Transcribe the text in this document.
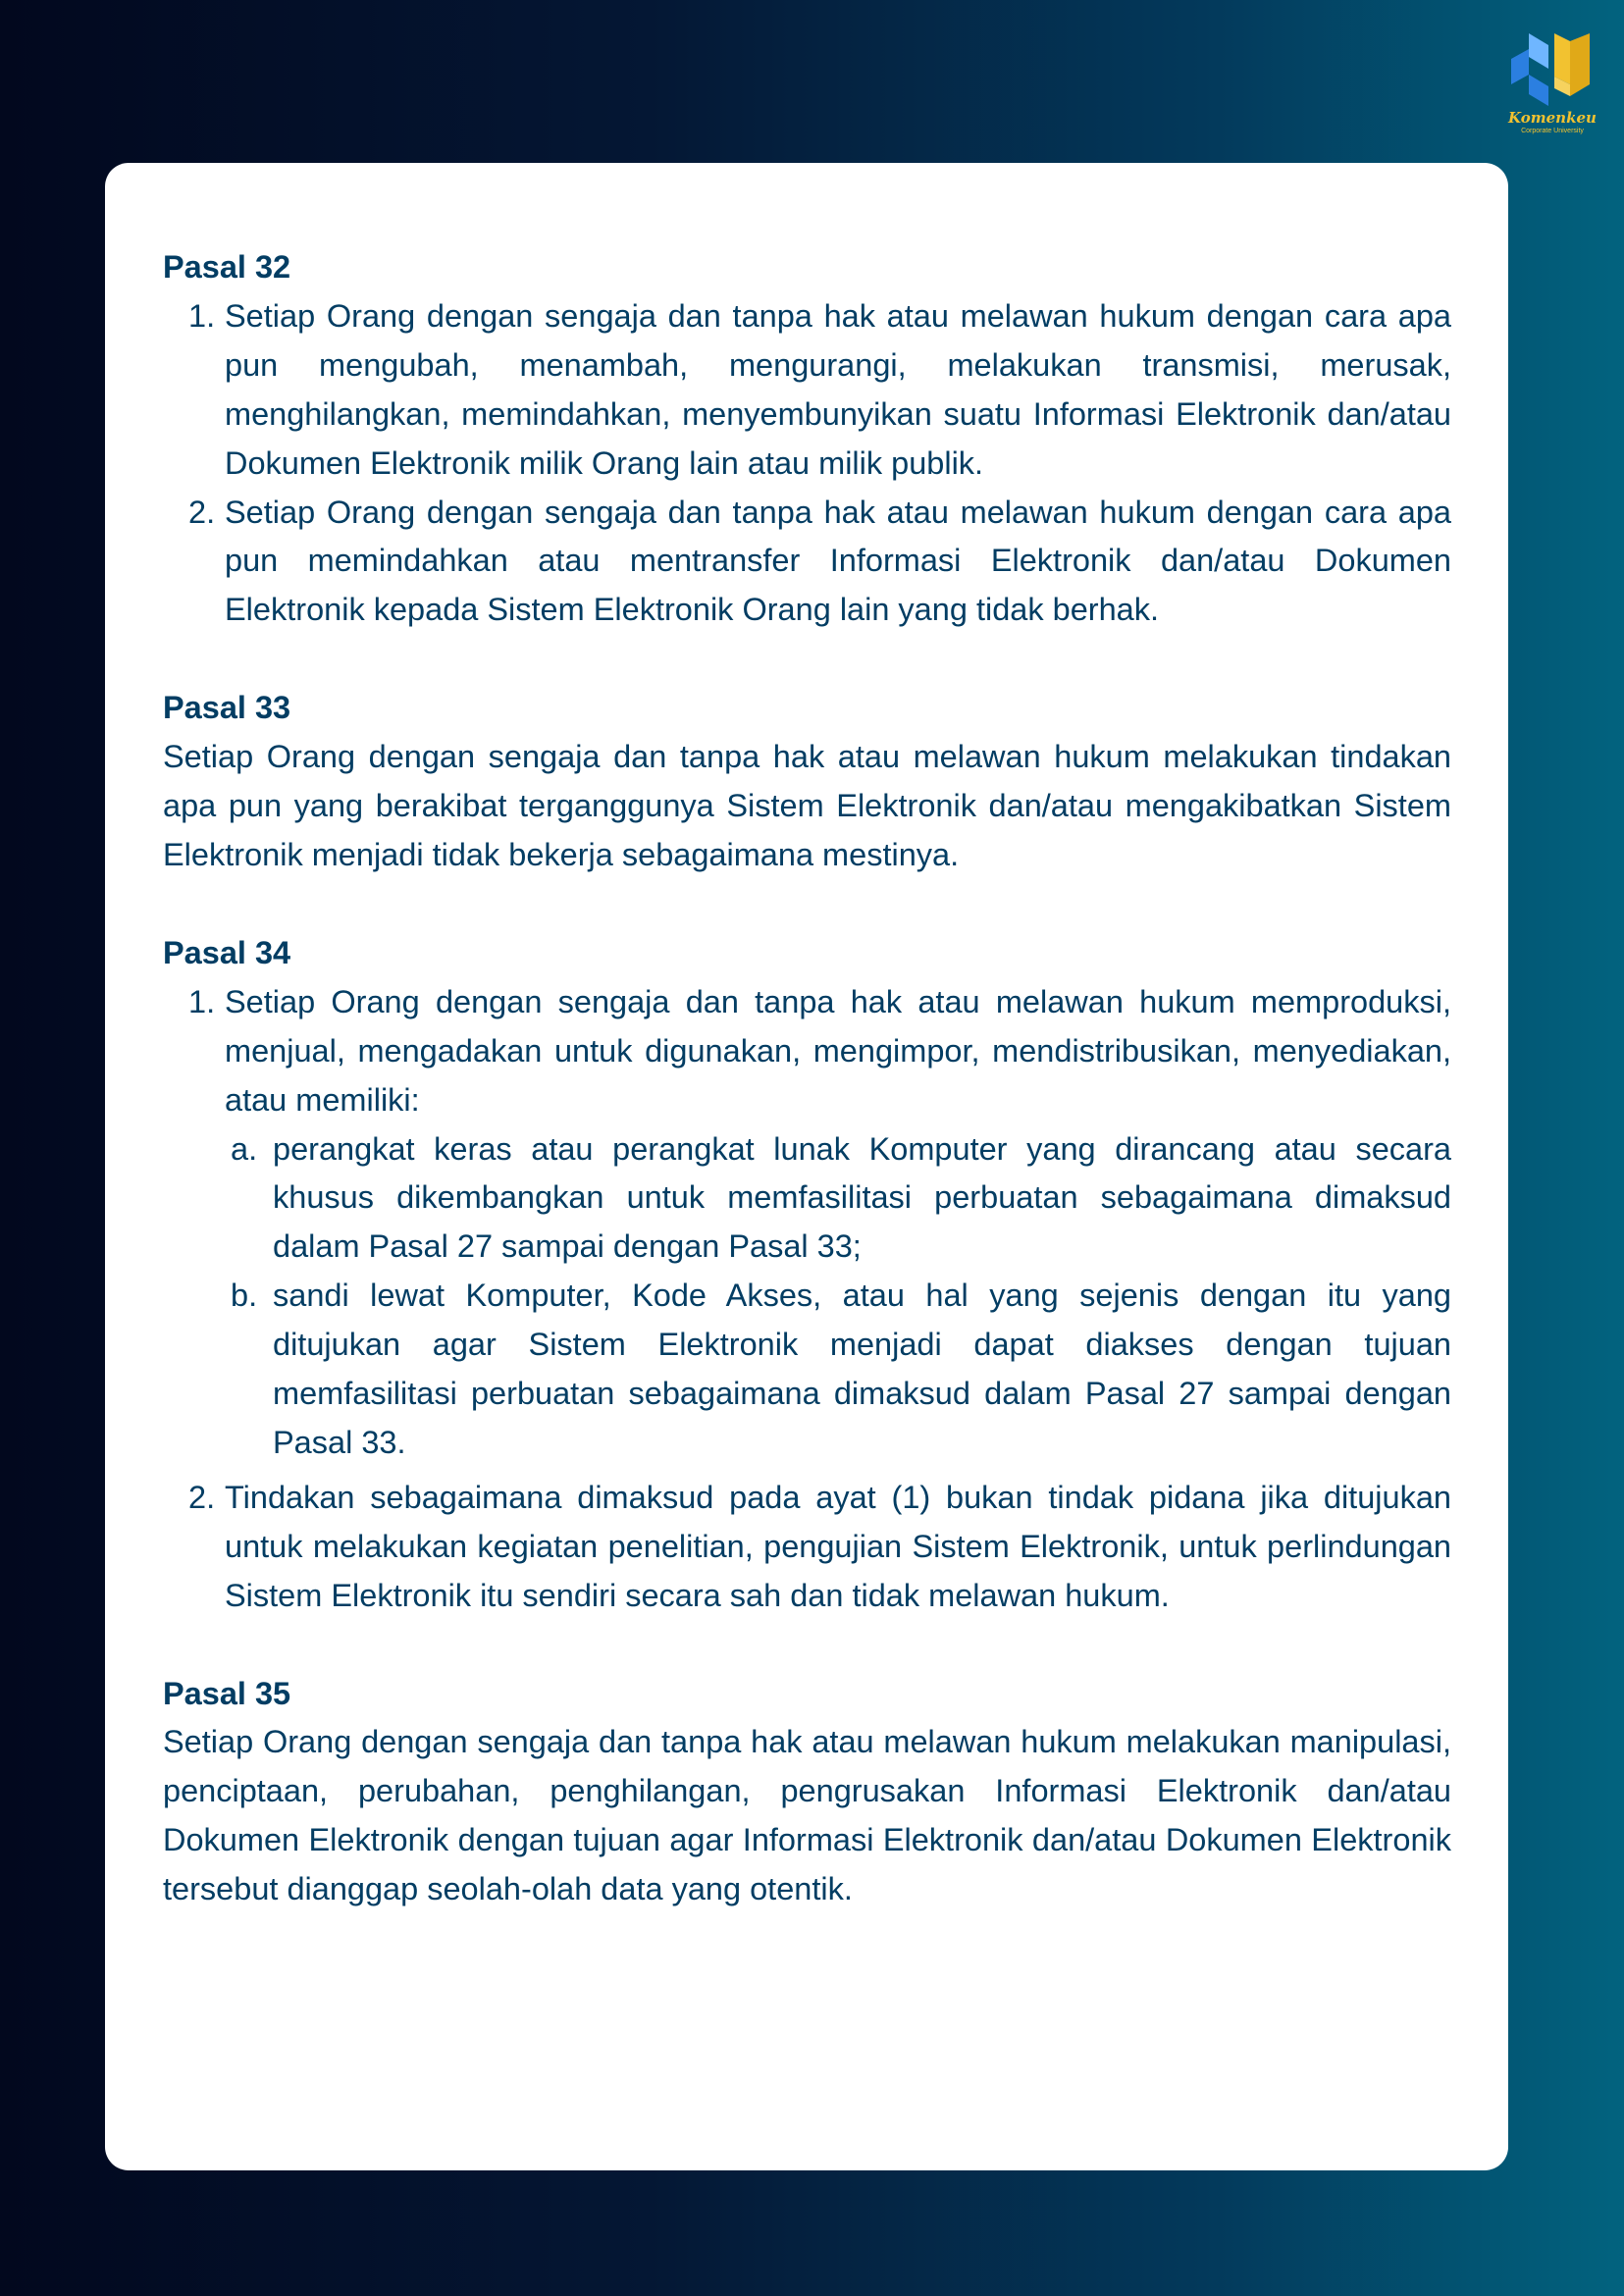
Komenkeu
Corporate University
Pasal 32
1. Setiap Orang dengan sengaja dan tanpa hak atau melawan hukum dengan cara apa pun mengubah, menambah, mengurangi, melakukan transmisi, merusak, menghilangkan, memindahkan, menyembunyikan suatu Informasi Elektronik dan/atau Dokumen Elektronik milik Orang lain atau milik publik.
2. Setiap Orang dengan sengaja dan tanpa hak atau melawan hukum dengan cara apa pun memindahkan atau mentransfer Informasi Elektronik dan/atau Dokumen Elektronik kepada Sistem Elektronik Orang lain yang tidak berhak.
Pasal 33
Setiap Orang dengan sengaja dan tanpa hak atau melawan hukum melakukan tindakan apa pun yang berakibat terganggunya Sistem Elektronik dan/atau mengakibatkan Sistem Elektronik menjadi tidak bekerja sebagaimana mestinya.
Pasal 34
1. Setiap Orang dengan sengaja dan tanpa hak atau melawan hukum memproduksi, menjual, mengadakan untuk digunakan, mengimpor, mendistribusikan, menyediakan, atau memiliki:
a. perangkat keras atau perangkat lunak Komputer yang dirancang atau secara khusus dikembangkan untuk memfasilitasi perbuatan sebagaimana dimaksud dalam Pasal 27 sampai dengan Pasal 33;
b. sandi lewat Komputer, Kode Akses, atau hal yang sejenis dengan itu yang ditujukan agar Sistem Elektronik menjadi dapat diakses dengan tujuan memfasilitasi perbuatan sebagaimana dimaksud dalam Pasal 27 sampai dengan Pasal 33.
2. Tindakan sebagaimana dimaksud pada ayat (1) bukan tindak pidana jika ditujukan untuk melakukan kegiatan penelitian, pengujian Sistem Elektronik, untuk perlindungan Sistem Elektronik itu sendiri secara sah dan tidak melawan hukum.
Pasal 35
Setiap Orang dengan sengaja dan tanpa hak atau melawan hukum melakukan manipulasi, penciptaan, perubahan, penghilangan, pengrusakan Informasi Elektronik dan/atau Dokumen Elektronik dengan tujuan agar Informasi Elektronik dan/atau Dokumen Elektronik tersebut dianggap seolah-olah data yang otentik.
